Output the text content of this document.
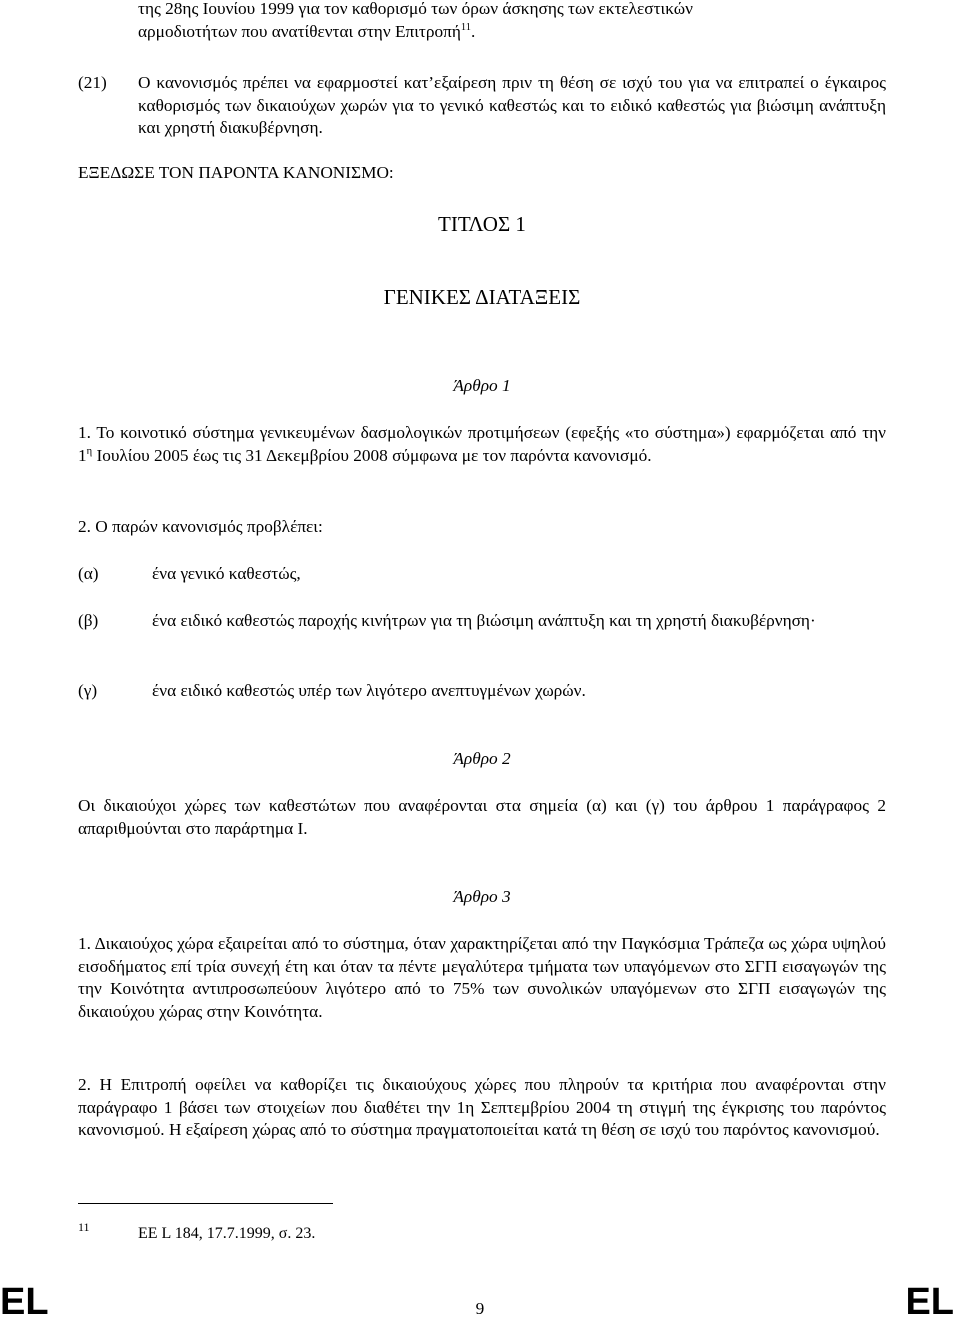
της 28ης Ιουνίου 1999 για τον καθορισμό των όρων άσκησης των εκτελεστικών
αρμοδιοτήτων που ανατίθενται στην Επιτροπή$^{11}$.
(21) Ο κανονισμός πρέπει να εφαρμοστεί κατ’εξαίρεση πριν τη θέση σε ισχύ του για να επιτραπεί ο έγκαιρος καθορισμός των δικαιούχων χωρών για το γενικό καθεστώς και το ειδικό καθεστώς για βιώσιμη ανάπτυξη και χρηστή διακυβέρνηση.

ΕΞΕΔΩΣΕ ΤΟΝ ΠΑΡΟΝΤΑ ΚΑΝΟΝΙΣΜΟ:

ΤΙΤΛΟΣ 1
ΓΕΝΙΚΕΣ ΔΙΑΤΑΞΕΙΣ
Άρθρο 1

1. Το κοινοτικό σύστημα γενικευμένων δασμολογικών προτιμήσεων (εφεξής «το σύστημα») εφαρμόζεται από την $1^\eta$ Ιουλίου 2005 έως τις 31 Δεκεμβρίου 2008 σύμφωνα με τον παρόντα κανονισμό.

2. Ο παρών κανονισμός προβλέπει:

(α)	ένα γενικό καθεστώς,

(β)	ένα ειδικό καθεστώς παροχής κινήτρων για τη βιώσιμη ανάπτυξη και τη χρηστή διακυβέρνηση·

(γ)	ένα ειδικό καθεστώς υπέρ των λιγότερο ανεπτυγμένων χωρών.

Άρθρο 2

Οι δικαιούχοι χώρες των καθεστώτων που αναφέρονται στα σημεία (α) και (γ) του άρθρου 1 παράγραφος 2 απαριθμούνται στο παράρτημα Ι.

Άρθρο 3

1. Δικαιούχος χώρα εξαιρείται από το σύστημα, όταν χαρακτηρίζεται από την Παγκόσμια Τράπεζα ως χώρα υψηλού εισοδήματος επί τρία συνεχή έτη και όταν τα πέντε μεγαλύτερα τμήματα των υπαγόμενων στο ΣΓΠ εισαγωγών της την Κοινότητα αντιπροσωπεύουν λιγότερο από το 75% των συνολικών υπαγόμενων στο ΣΓΠ εισαγωγών της δικαιούχου χώρας στην Κοινότητα.

2. Η Επιτροπή οφείλει να καθορίζει τις δικαιούχους χώρες που πληρούν τα κριτήρια που αναφέρονται στην παράγραφο 1 βάσει των στοιχείων που διαθέτει την 1η Σεπτεμβρίου 2004 τη στιγμή της έγκρισης του παρόντος κανονισμού. Η εξαίρεση χώρας από το σύστημα πραγματοποιείται κατά τη θέση σε ισχύ του παρόντος κανονισμού.

11	ΕΕ L 184, 17.7.1999, σ. 23.
EL	9	EL
